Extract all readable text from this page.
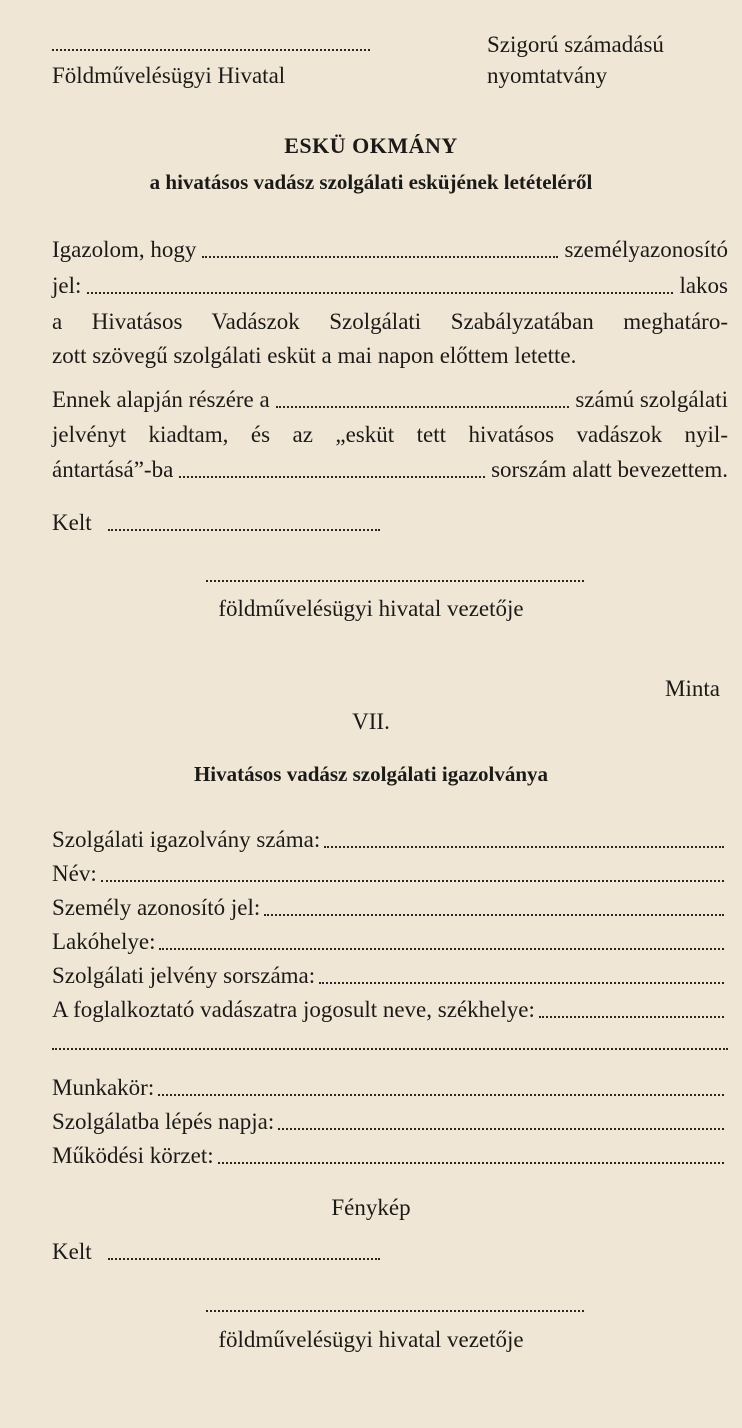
Földművelésügyi Hivatal
Szigorú számadású
nyomtatvány
ESKÜ OKMÁNY
a hivatásos vadász szolgálati esküjének letételéről
Igazolom, hogy	személyazonosító
jel:	lakos
a Hivatásos Vadászok Szolgálati Szabályzatában meghatáro-
zott szövegű szolgálati esküt a mai napon előttem letette.
Ennek alapján részére a	számú szolgálati
jelvényt kiadtam, és az „esküt tett hivatásos vadászok nyil-
ántartásá”-ba	sorszám alatt bevezettem.
Kelt
földművelésügyi hivatal vezetője
Minta
VII.
Hivatásos vadász szolgálati igazolványa
Szolgálati igazolvány száma:
Név:
Személy azonosító jel:
Lakóhelye:
Szolgálati jelvény sorszáma:
A foglalkoztató vadászatra jogosult neve, székhelye:
Munkakör:
Szolgálatba lépés napja:
Működési körzet:
Fénykép
Kelt
földművelésügyi hivatal vezetője
